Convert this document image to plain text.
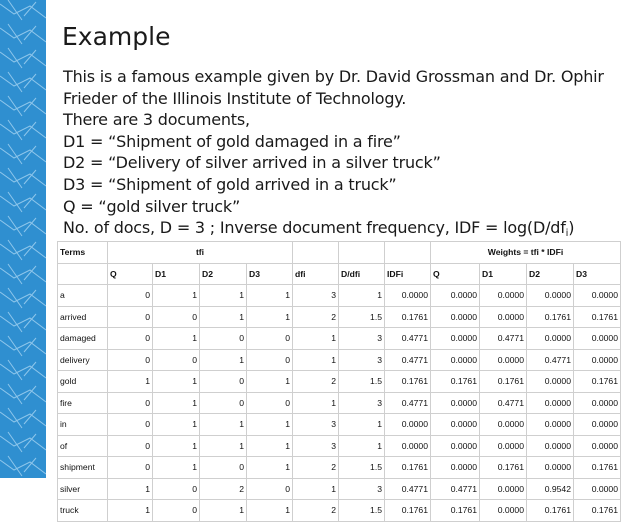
Example
This is a famous example given by Dr. David Grossman and Dr. Ophir
Frieder of the Illinois Institute of Technology.
There are 3 documents,
D1 = “Shipment of gold damaged in a fire”
D2 = “Delivery of silver arrived in a silver truck”
D3 = “Shipment of gold arrived in a truck”
Q = “gold silver truck”
No. of docs, D = 3 ; Inverse document frequency, IDF = $\log(D/df_i)$
Terms	tfi							Weights = tfi * IDFi			
	Q	D1	D2	D3	dfi	D/dfi	IDFi	Q	D1	D2	D3
a	0	1	1	1	3	1	0.0000	0.0000	0.0000	0.0000	0.0000
arrived	0	0	1	1	2	1.5	0.1761	0.0000	0.0000	0.1761	0.1761
damaged	0	1	0	0	1	3	0.4771	0.0000	0.4771	0.0000	0.0000
delivery	0	0	1	0	1	3	0.4771	0.0000	0.0000	0.4771	0.0000
gold	1	1	0	1	2	1.5	0.1761	0.1761	0.1761	0.0000	0.1761
fire	0	1	0	0	1	3	0.4771	0.0000	0.4771	0.0000	0.0000
in	0	1	1	1	3	1	0.0000	0.0000	0.0000	0.0000	0.0000
of	0	1	1	1	3	1	0.0000	0.0000	0.0000	0.0000	0.0000
shipment	0	1	0	1	2	1.5	0.1761	0.0000	0.1761	0.0000	0.1761
silver	1	0	2	0	1	3	0.4771	0.4771	0.0000	0.9542	0.0000
truck	1	0	1	1	2	1.5	0.1761	0.1761	0.0000	0.1761	0.1761
